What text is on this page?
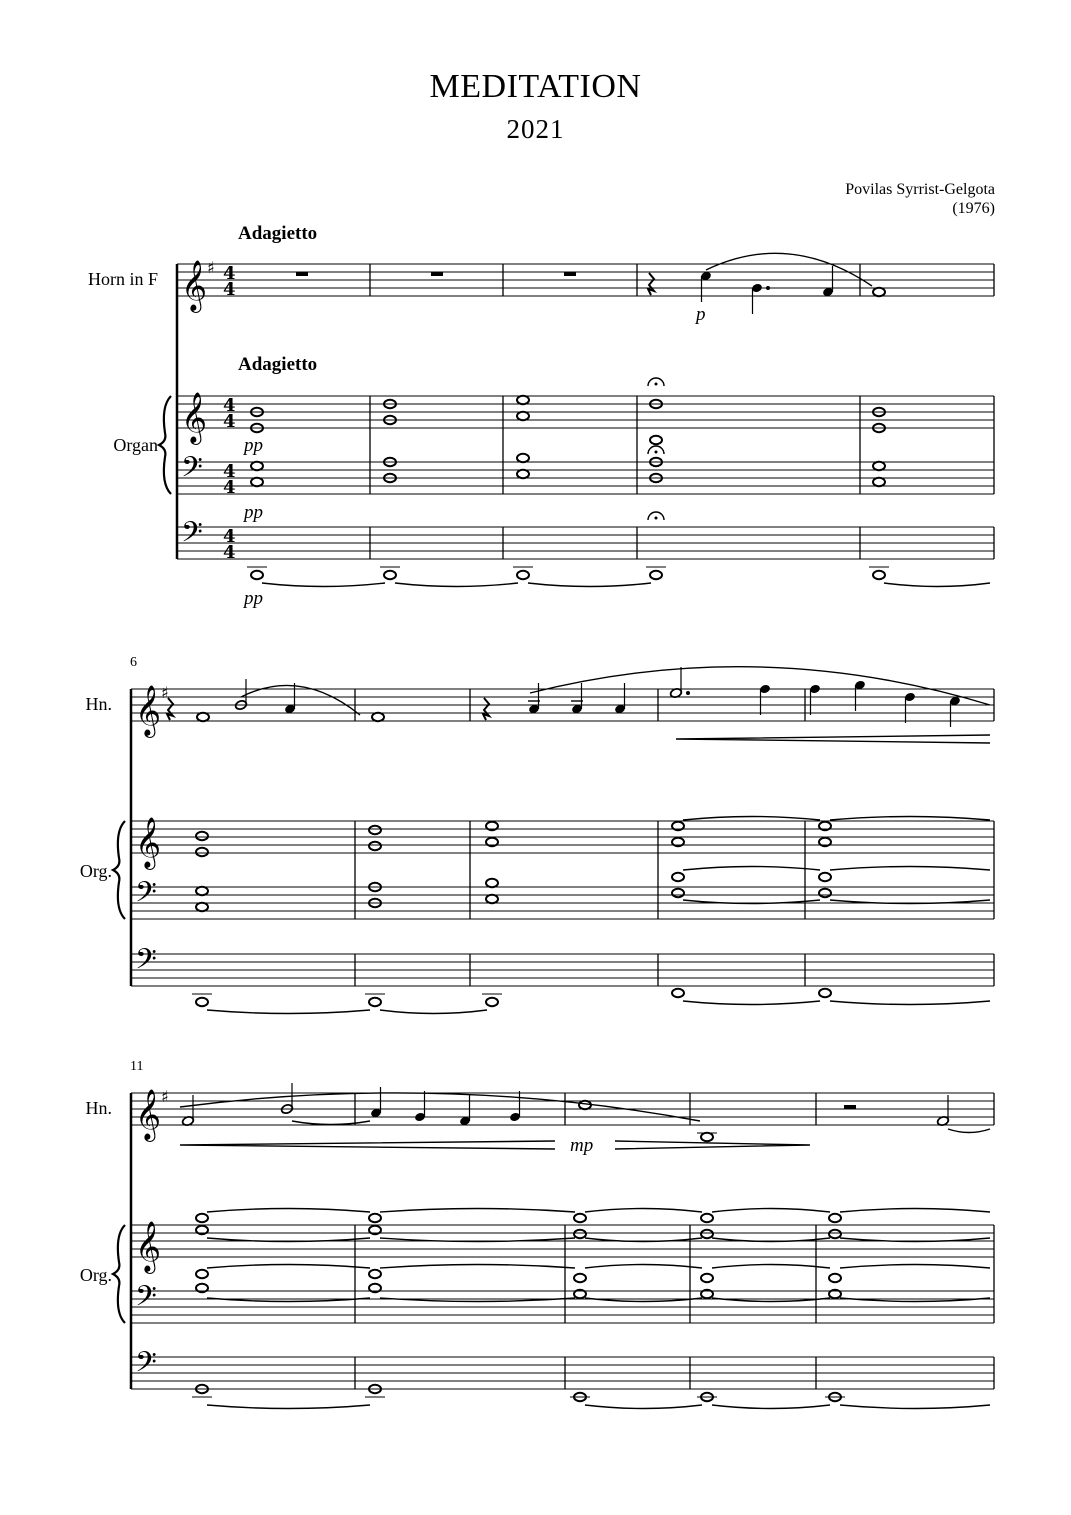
MEDITATION
2021
Povilas Syrrist-Gelgota
(1976)
Adagietto
Adagietto
Horn in F
Organ
Hn.
Org.
Hn.
Org.
6
11
p
pp
pp
pp
mp
𝄞
𝄞
𝄢
𝄢
♯ 4
4
4
4
4
4
4
4
𝄞
𝄞
𝄢
𝄢
♯
𝄞
𝄞
𝄢
𝄢
♯
